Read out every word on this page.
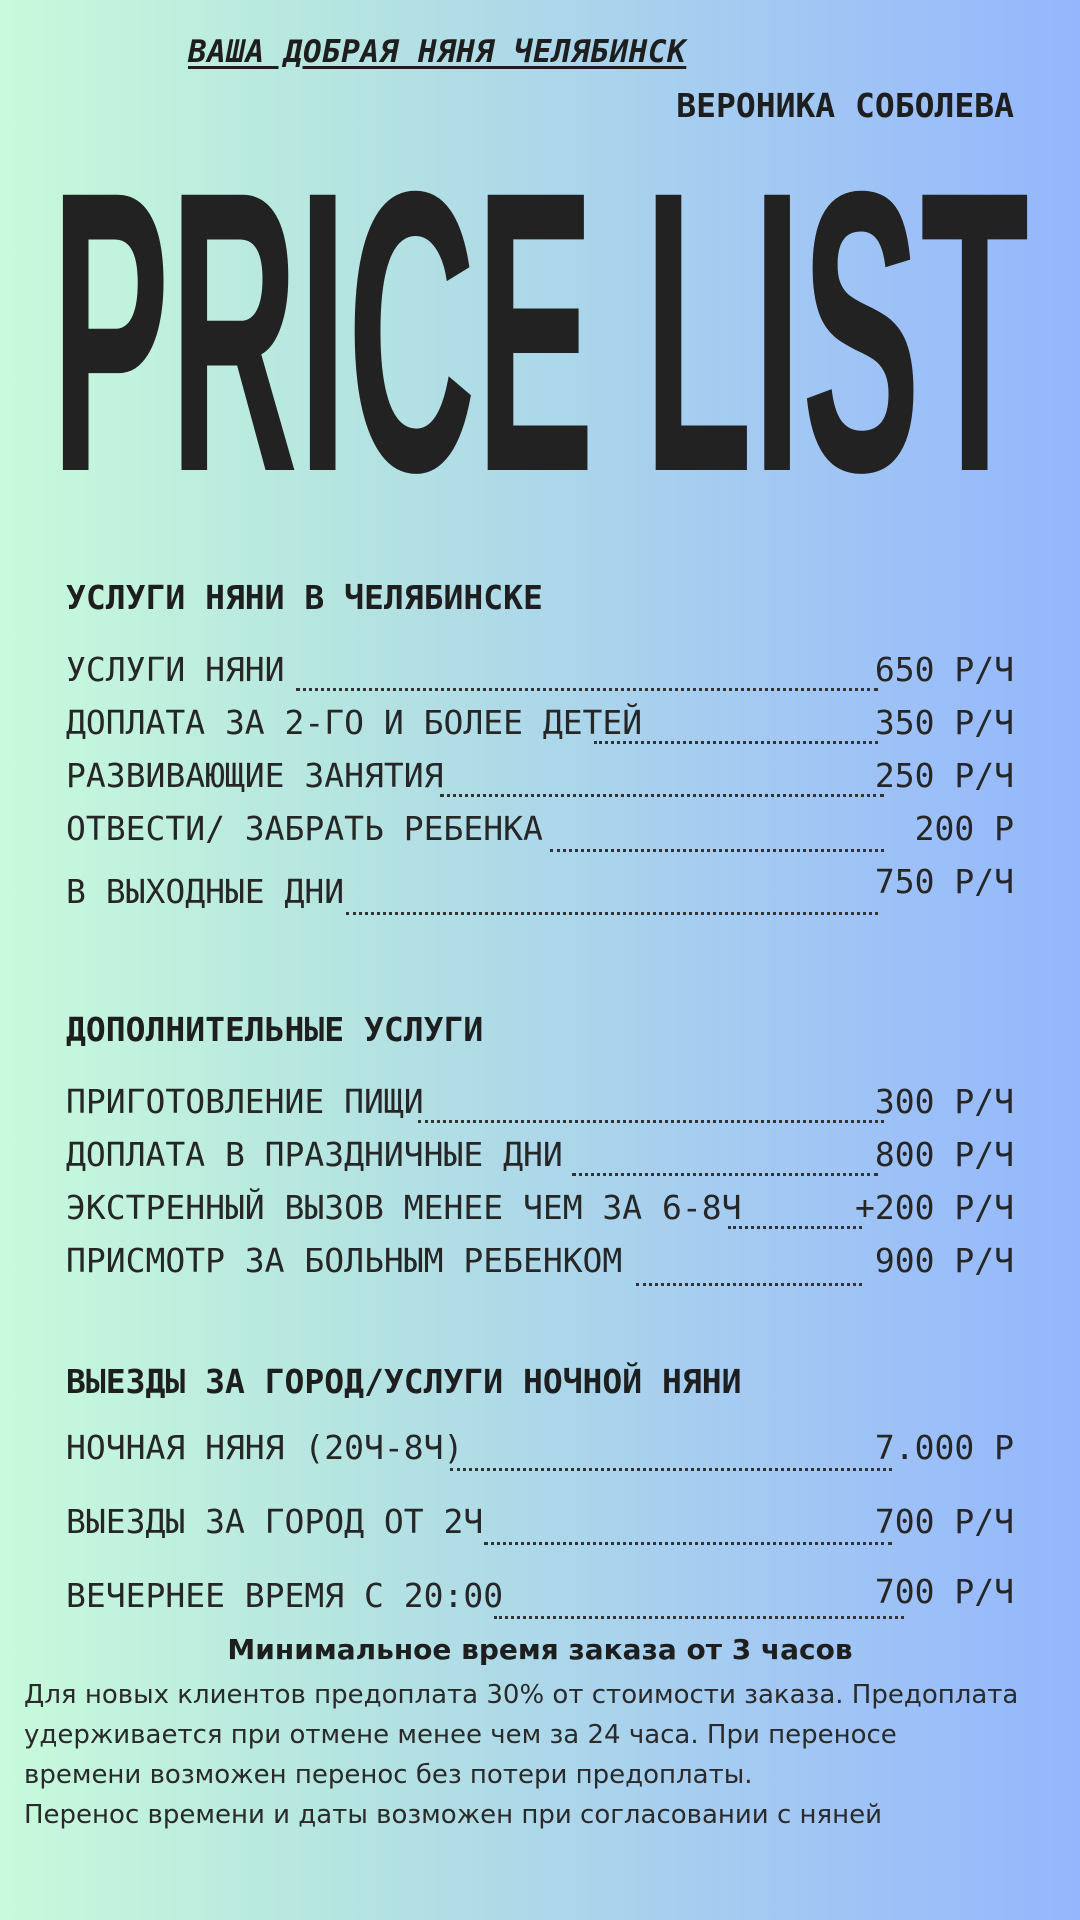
ВАША ДОБРАЯ НЯНЯ ЧЕЛЯБИНСК
ВЕРОНИКА СОБОЛЕВА
PRICE LIST
УСЛУГИ НЯНИ В ЧЕЛЯБИНСКЕ
УСЛУГИ НЯНИ	650 Р/Ч
ДОПЛАТА ЗА 2-ГО И БОЛЕЕ ДЕТЕЙ	350 Р/Ч
РАЗВИВАЮЩИЕ ЗАНЯТИЯ	250 Р/Ч
ОТВЕСТИ/ ЗАБРАТЬ РЕБЕНКА	200 Р
В ВЫХОДНЫЕ ДНИ	750 Р/Ч
ДОПОЛНИТЕЛЬНЫЕ УСЛУГИ
ПРИГОТОВЛЕНИЕ ПИЩИ	300 Р/Ч
ДОПЛАТА В ПРАЗДНИЧНЫЕ ДНИ	800 Р/Ч
ЭКСТРЕННЫЙ ВЫЗОВ МЕНЕЕ ЧЕМ ЗА 6-8Ч	+200 Р/Ч
ПРИСМОТР ЗА БОЛЬНЫМ РЕБЕНКОМ	900 Р/Ч
ВЫЕЗДЫ ЗА ГОРОД/УСЛУГИ НОЧНОЙ НЯНИ
НОЧНАЯ НЯНЯ (20Ч-8Ч)	7.000 Р
ВЫЕЗДЫ ЗА ГОРОД ОТ 2Ч	700 Р/Ч
ВЕЧЕРНЕЕ ВРЕМЯ С 20:00	700 Р/Ч
Минимальное время заказа от 3 часов

Для новых клиентов предоплата 30% от стоимости заказа. Предоплата

удерживается при отмене менее чем за 24 часа. При переносе

времени возможен перенос без потери предоплаты.

Перенос времени и даты возможен при согласовании с няней
